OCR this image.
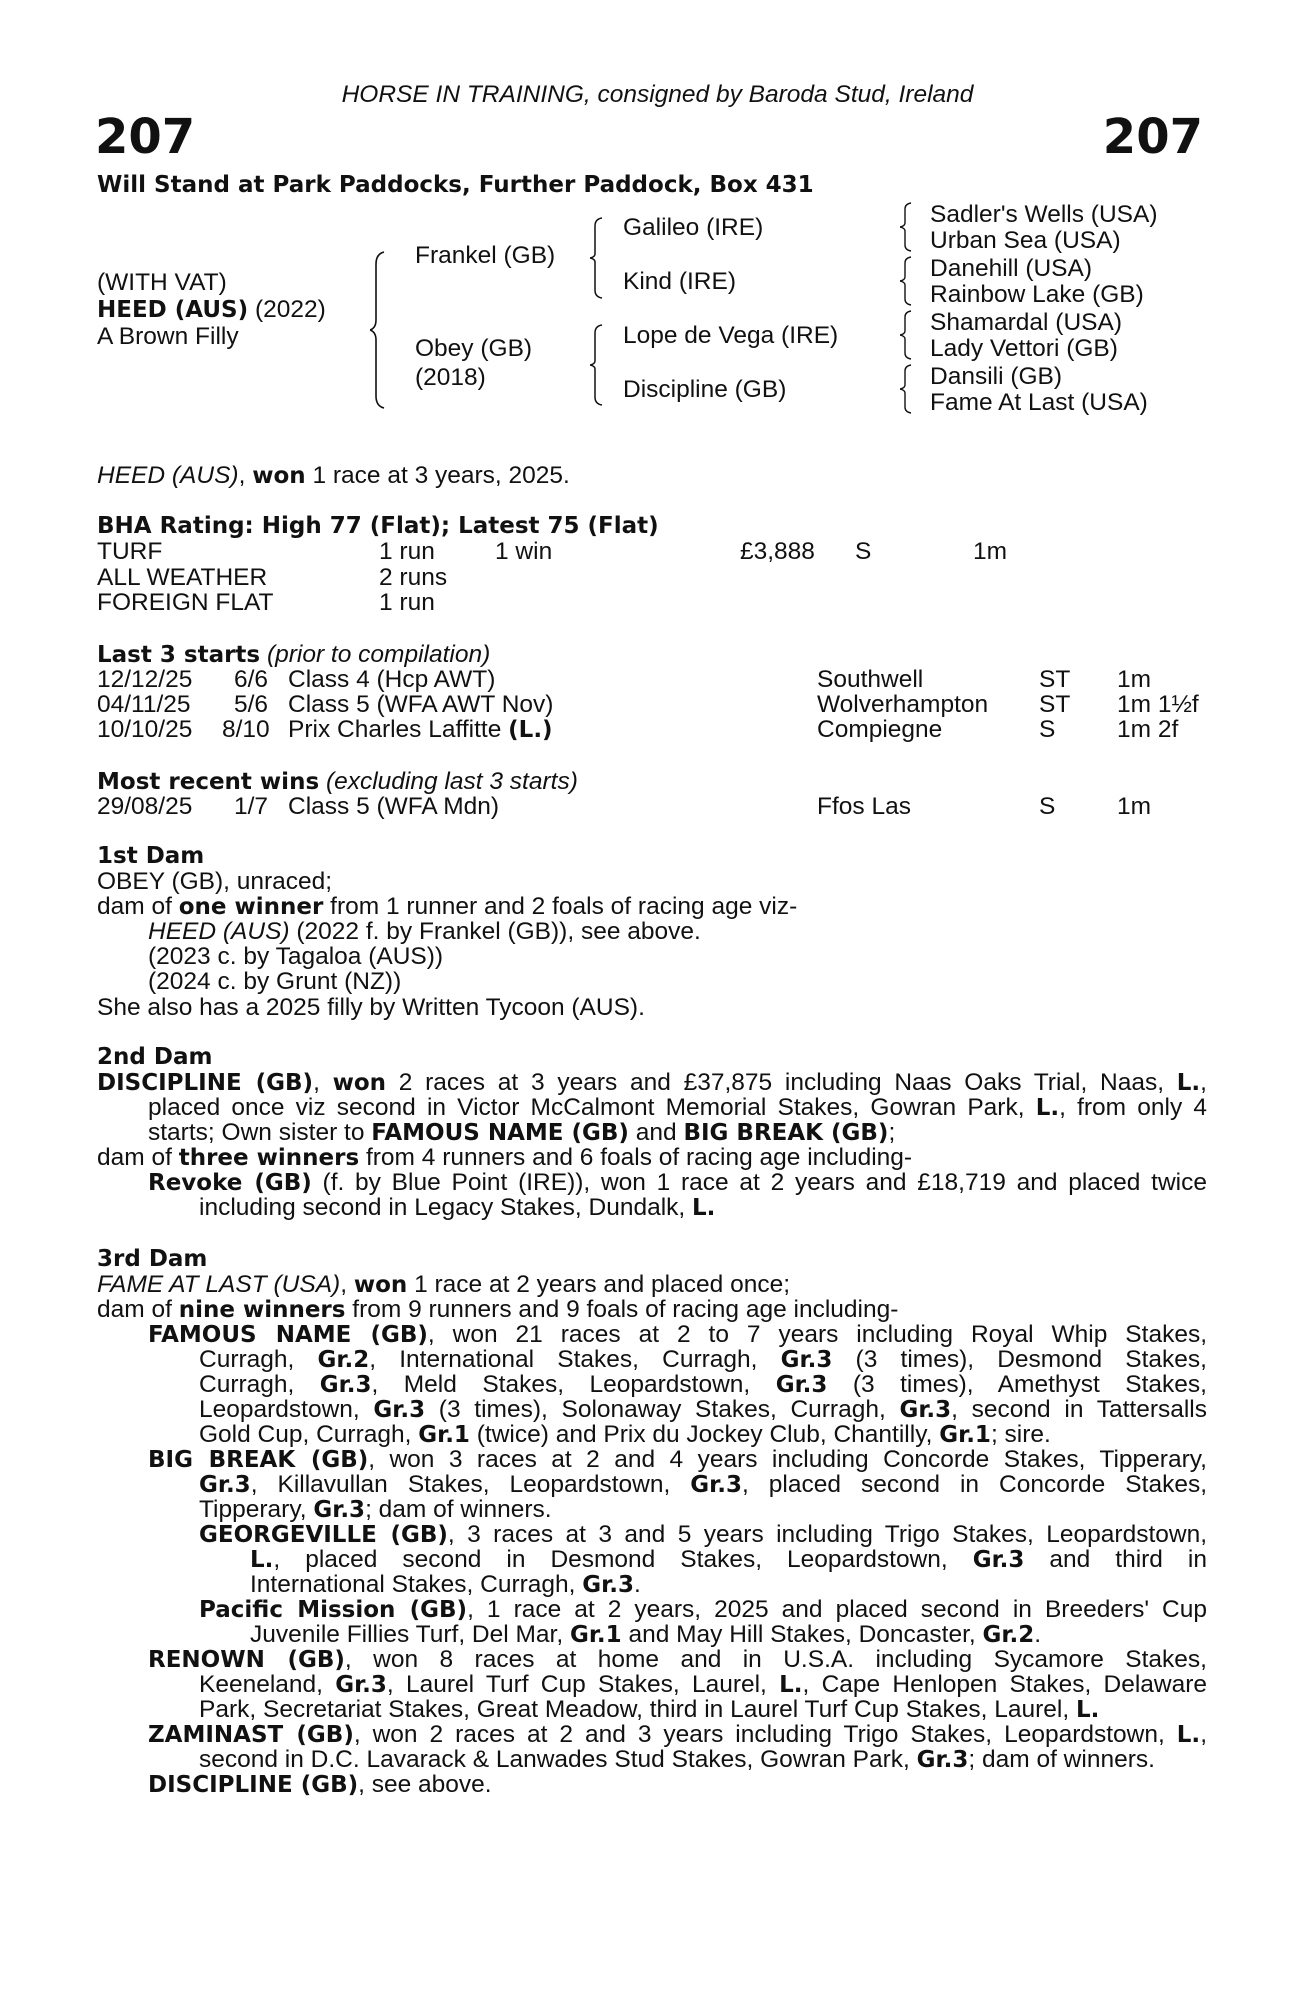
HORSE IN TRAINING, consigned by Baroda Stud, Ireland
207	207
Will Stand at Park Paddocks, Further Paddock, Box 431
(WITH VAT)
HEED (AUS) (2022)
A Brown Filly
Frankel (GB)
Obey (GB)
(2018)
Galileo (IRE)
Kind (IRE)
Lope de Vega (IRE)
Discipline (GB)
Sadler's Wells (USA)
Urban Sea (USA)
Danehill (USA)
Rainbow Lake (GB)
Shamardal (USA)
Lady Vettori (GB)
Dansili (GB)
Fame At Last (USA)
HEED (AUS), won 1 race at 3 years, 2025.
BHA Rating: High 77 (Flat); Latest 75 (Flat)
TURF	1 run 1 win	£3,888 S	1m
ALL WEATHER	2 runs
FOREIGN FLAT	1 run
Last 3 starts (prior to compilation)
12/12/25 6/6 Class 4 (Hcp AWT)	Southwell	ST 1m
04/11/25 5/6 Class 5 (WFA AWT Nov)	Wolverhampton ST 1m 1½f
10/10/25 8/10 Prix Charles Laffitte (L.)	Compiegne	S	1m 2f
Most recent wins (excluding last 3 starts)
29/08/25 1/7 Class 5 (WFA Mdn)	Ffos Las	S	1m
1st Dam
OBEY (GB), unraced;
dam of one winner from 1 runner and 2 foals of racing age viz-
HEED (AUS) (2022 f. by Frankel (GB)), see above.
(2023 c. by Tagaloa (AUS))
(2024 c. by Grunt (NZ))
She also has a 2025 filly by Written Tycoon (AUS).
2nd Dam
DISCIPLINE (GB), won 2 races at 3 years and £37,875 including Naas Oaks Trial, Naas, L.,
placed once viz second in Victor McCalmont Memorial Stakes, Gowran Park, L., from only 4
starts; Own sister to FAMOUS NAME (GB) and BIG BREAK (GB);
dam of three winners from 4 runners and 6 foals of racing age including-
Revoke (GB) (f. by Blue Point (IRE)), won 1 race at 2 years and £18,719 and placed twice
including second in Legacy Stakes, Dundalk, L.
3rd Dam
FAME AT LAST (USA), won 1 race at 2 years and placed once;
dam of nine winners from 9 runners and 9 foals of racing age including-
FAMOUS NAME (GB), won 21 races at 2 to 7 years including Royal Whip Stakes,
Curragh, Gr.2, International Stakes, Curragh, Gr.3 (3 times), Desmond Stakes,
Curragh, Gr.3, Meld Stakes, Leopardstown, Gr.3 (3 times), Amethyst Stakes,
Leopardstown, Gr.3 (3 times), Solonaway Stakes, Curragh, Gr.3, second in Tattersalls
Gold Cup, Curragh, Gr.1 (twice) and Prix du Jockey Club, Chantilly, Gr.1; sire.
BIG BREAK (GB), won 3 races at 2 and 4 years including Concorde Stakes, Tipperary,
Gr.3, Killavullan Stakes, Leopardstown, Gr.3, placed second in Concorde Stakes,
Tipperary, Gr.3; dam of winners.
GEORGEVILLE (GB), 3 races at 3 and 5 years including Trigo Stakes, Leopardstown,
L., placed second in Desmond Stakes, Leopardstown, Gr.3 and third in
International Stakes, Curragh, Gr.3.
Pacific Mission (GB), 1 race at 2 years, 2025 and placed second in Breeders' Cup
Juvenile Fillies Turf, Del Mar, Gr.1 and May Hill Stakes, Doncaster, Gr.2.
RENOWN (GB), won 8 races at home and in U.S.A. including Sycamore Stakes,
Keeneland, Gr.3, Laurel Turf Cup Stakes, Laurel, L., Cape Henlopen Stakes, Delaware
Park, Secretariat Stakes, Great Meadow, third in Laurel Turf Cup Stakes, Laurel, L.
ZAMINAST (GB), won 2 races at 2 and 3 years including Trigo Stakes, Leopardstown, L.,
second in D.C. Lavarack & Lanwades Stud Stakes, Gowran Park, Gr.3; dam of winners.
DISCIPLINE (GB), see above.
